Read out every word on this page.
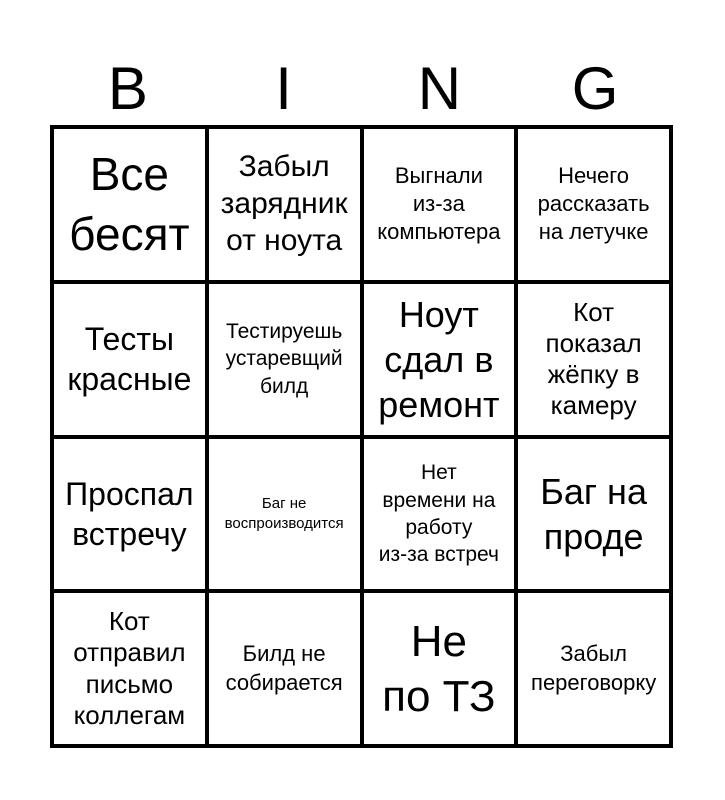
B	I	N	G
Все
бесят
Забыл
зарядник
от ноута
Выгнали
из-за
компьютера
Нечего
рассказать
на летучке
Тесты
красные
Тестируешь
устаревщий
билд
Ноут
сдал в
ремонт
Кот
показал
жёпку в
камеру
Проспал
встречу
Баг не
воспроизводится
Нет
времени на
работу
из-за встреч
Баг на
проде
Кот
отправил
письмо
коллегам
Билд не
собирается
Не
по ТЗ
Забыл
переговорку
